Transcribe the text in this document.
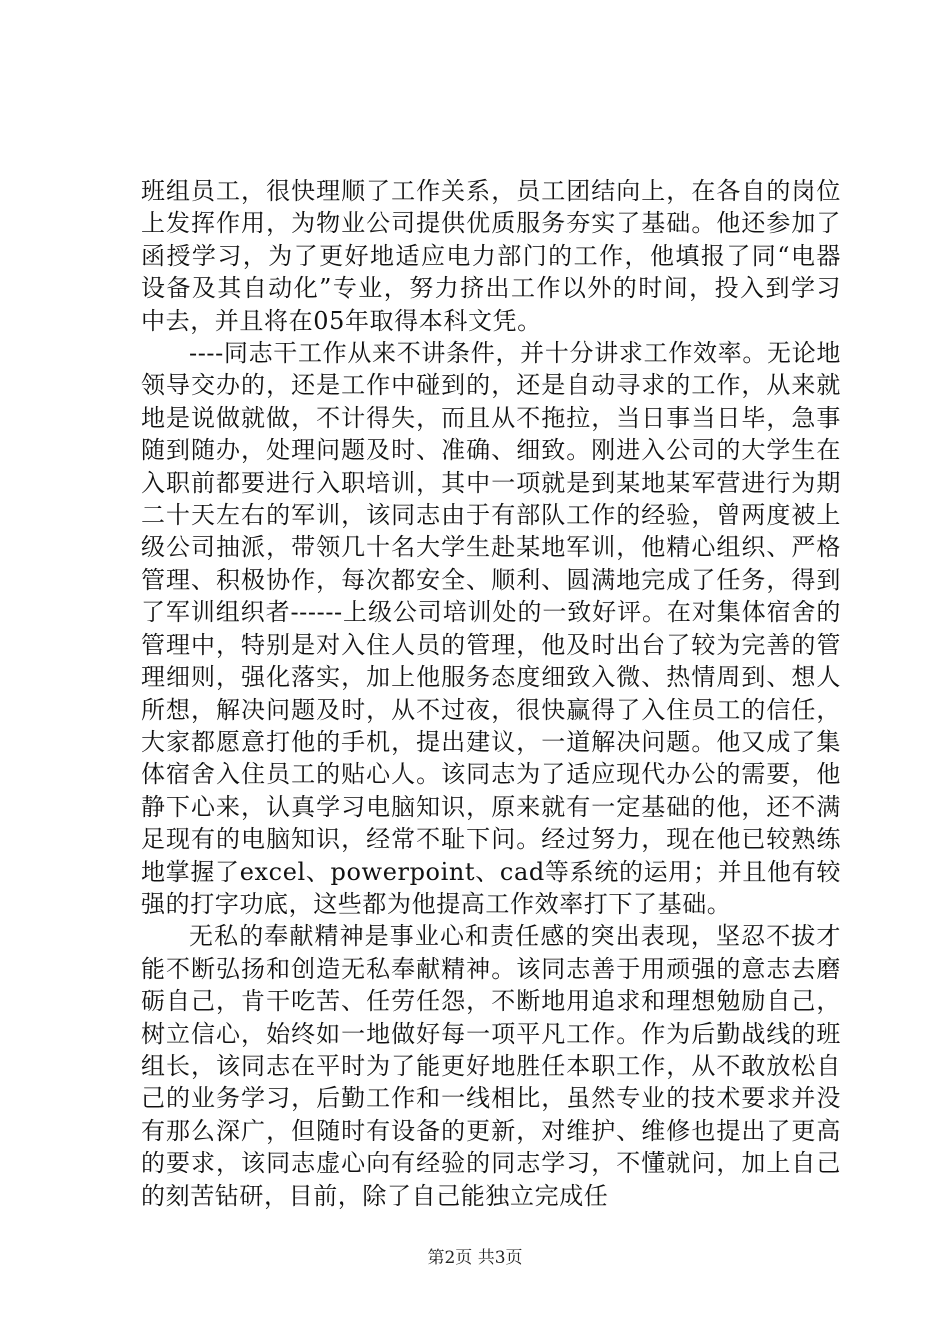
班组员工，很快理顺了工作关系，员工团结向上，在各自的岗位上发挥作用，为物业公司提供优质服务夯实了基础。他还参加了函授学习，为了更好地适应电力部门的工作，他填报了同“电器设备及其自动化”专业，努力挤出工作以外的时间，投入到学习中去，并且将在05年取得本科文凭。

----同志干工作从来不讲条件，并十分讲求工作效率。无论地领导交办的，还是工作中碰到的，还是自动寻求的工作，从来就地是说做就做，不计得失，而且从不拖拉，当日事当日毕，急事随到随办，处理问题及时、准确、细致。刚进入公司的大学生在入职前都要进行入职培训，其中一项就是到某地某军营进行为期二十天左右的军训，该同志由于有部队工作的经验，曾两度被上级公司抽派，带领几十名大学生赴某地军训，他精心组织、严格管理、积极协作，每次都安全、顺利、圆满地完成了任务，得到了军训组织者------上级公司培训处的一致好评。在对集体宿舍的管理中，特别是对入住人员的管理，他及时出台了较为完善的管理细则，强化落实，加上他服务态度细致入微、热情周到、想人所想，解决问题及时，从不过夜，很快赢得了入住员工的信任，大家都愿意打他的手机，提出建议，一道解决问题。他又成了集体宿舍入住员工的贴心人。该同志为了适应现代办公的需要，他静下心来，认真学习电脑知识，原来就有一定基础的他，还不满足现有的电脑知识，经常不耻下问。经过努力，现在他已较熟练地掌握了excel、powerpoint、cad等系统的运用；并且他有较强的打字功底，这些都为他提高工作效率打下了基础。

无私的奉献精神是事业心和责任感的突出表现，坚忍不拔才能不断弘扬和创造无私奉献精神。该同志善于用顽强的意志去磨砺自己，肯干吃苦、任劳任怨，不断地用追求和理想勉励自己，树立信心，始终如一地做好每一项平凡工作。作为后勤战线的班组长，该同志在平时为了能更好地胜任本职工作，从不敢放松自己的业务学习，后勤工作和一线相比，虽然专业的技术要求并没有那么深广，但随时有设备的更新，对维护、维修也提出了更高的要求，该同志虚心向有经验的同志学习，不懂就问，加上自己的刻苦钻研，目前，除了自己能独立完成任

第2页 共3页
